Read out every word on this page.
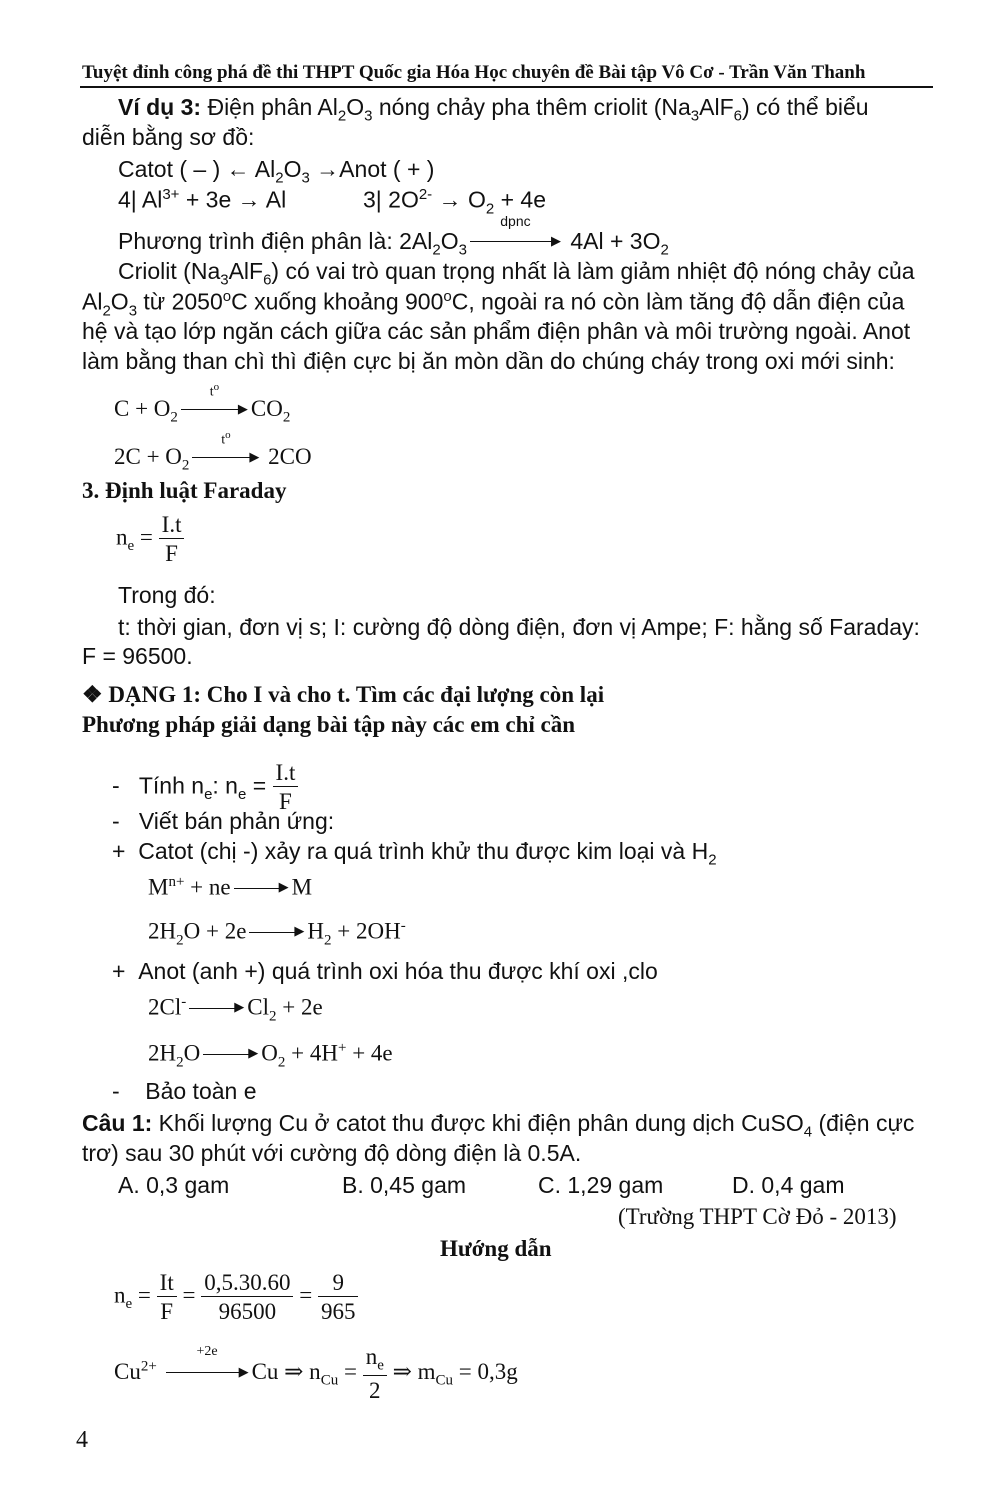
Tuyệt đỉnh công phá đề thi THPT Quốc gia Hóa Học chuyên đề Bài tập Vô Cơ - Trần Văn Thanh
Ví dụ 3: Điện phân $Al_2O_3$ nóng chảy pha thêm criolit $(Na_3AlF_6)$ có thể biểu
diễn bằng sơ đồ:
Catot ( – ) ← $Al_2O_3$ →Anot ( + )
4| $Al^{3+} + 3e \to Al$	3| $2O^{2-} \to O_2 + 4e$
Phương trình điện phân là: $2Al_2O_3$
dpnc
▶ $4Al + 3O_2$
Criolit $(Na_3AlF_6)$ có vai trò quan trọng nhất là làm giảm nhiệt độ nóng chảy của
$Al_2O_3$ từ 2050$^o$C xuống khoảng 900$^o$C, ngoài ra nó còn làm tăng độ dẫn điện của
hệ và tạo lớp ngăn cách giữa các sản phẩm điện phân và môi trường ngoài. Anot
làm bằng than chì thì điện cực bị ăn mòn dần do chúng cháy trong oxi mới sinh:
$C + O_2$
$t^o$
▶ $CO_2$
$2C + O_2$
$t^o$
▶ 2CO
3. Định luật Faraday
$n_e = \frac{I.t}{F}$
Trong đó:
t: thời gian, đơn vị s; I: cường độ dòng điện, đơn vị Ampe; F: hằng số Faraday:
F = 96500.
❖ DẠNG 1: Cho I và cho t. Tìm các đại lượng còn lại
Phương pháp giải dạng bài tập này các em chỉ cần
-   Tính $n_e$: $n_e = \frac{I.t}{F}$
-   Viết bán phản ứng:
+  Catot (chị -) xảy ra quá trình khử thu được kim loại và $H_2$
$M^{n+}$ + ne	▶ M
$2H_2O + 2e$	▶ $H_2 + 2OH^-$
+  Anot (anh +) quá trình oxi hóa thu được khí oxi ,clo
2Cl-	▶ $Cl_2 + 2e$
$2H_2O$	▶ $O_2 + 4H^+ + 4e$
-    Bảo toàn e
Câu 1: Khối lượng Cu ở catot thu được khi điện phân dung dịch CuSO$_4$ (điện cực
trơ) sau 30 phút với cường độ dòng điện là 0.5A.
A. 0,3 gam	B. 0,45 gam	C. 1,29 gam	D. 0,4 gam
(Trường THPT Cờ Đỏ - 2013)
Hướng dẫn
$n_e = \frac{It}{F} = \frac{0,5.30.60}{96500} = \frac{9}{965}$
$Cu^{2+}$
+2e
▶ Cu ⇒ $n_{Cu} = \frac{n_e}{2}$ ⇒ $m_{Cu} = 0,3g$
4
